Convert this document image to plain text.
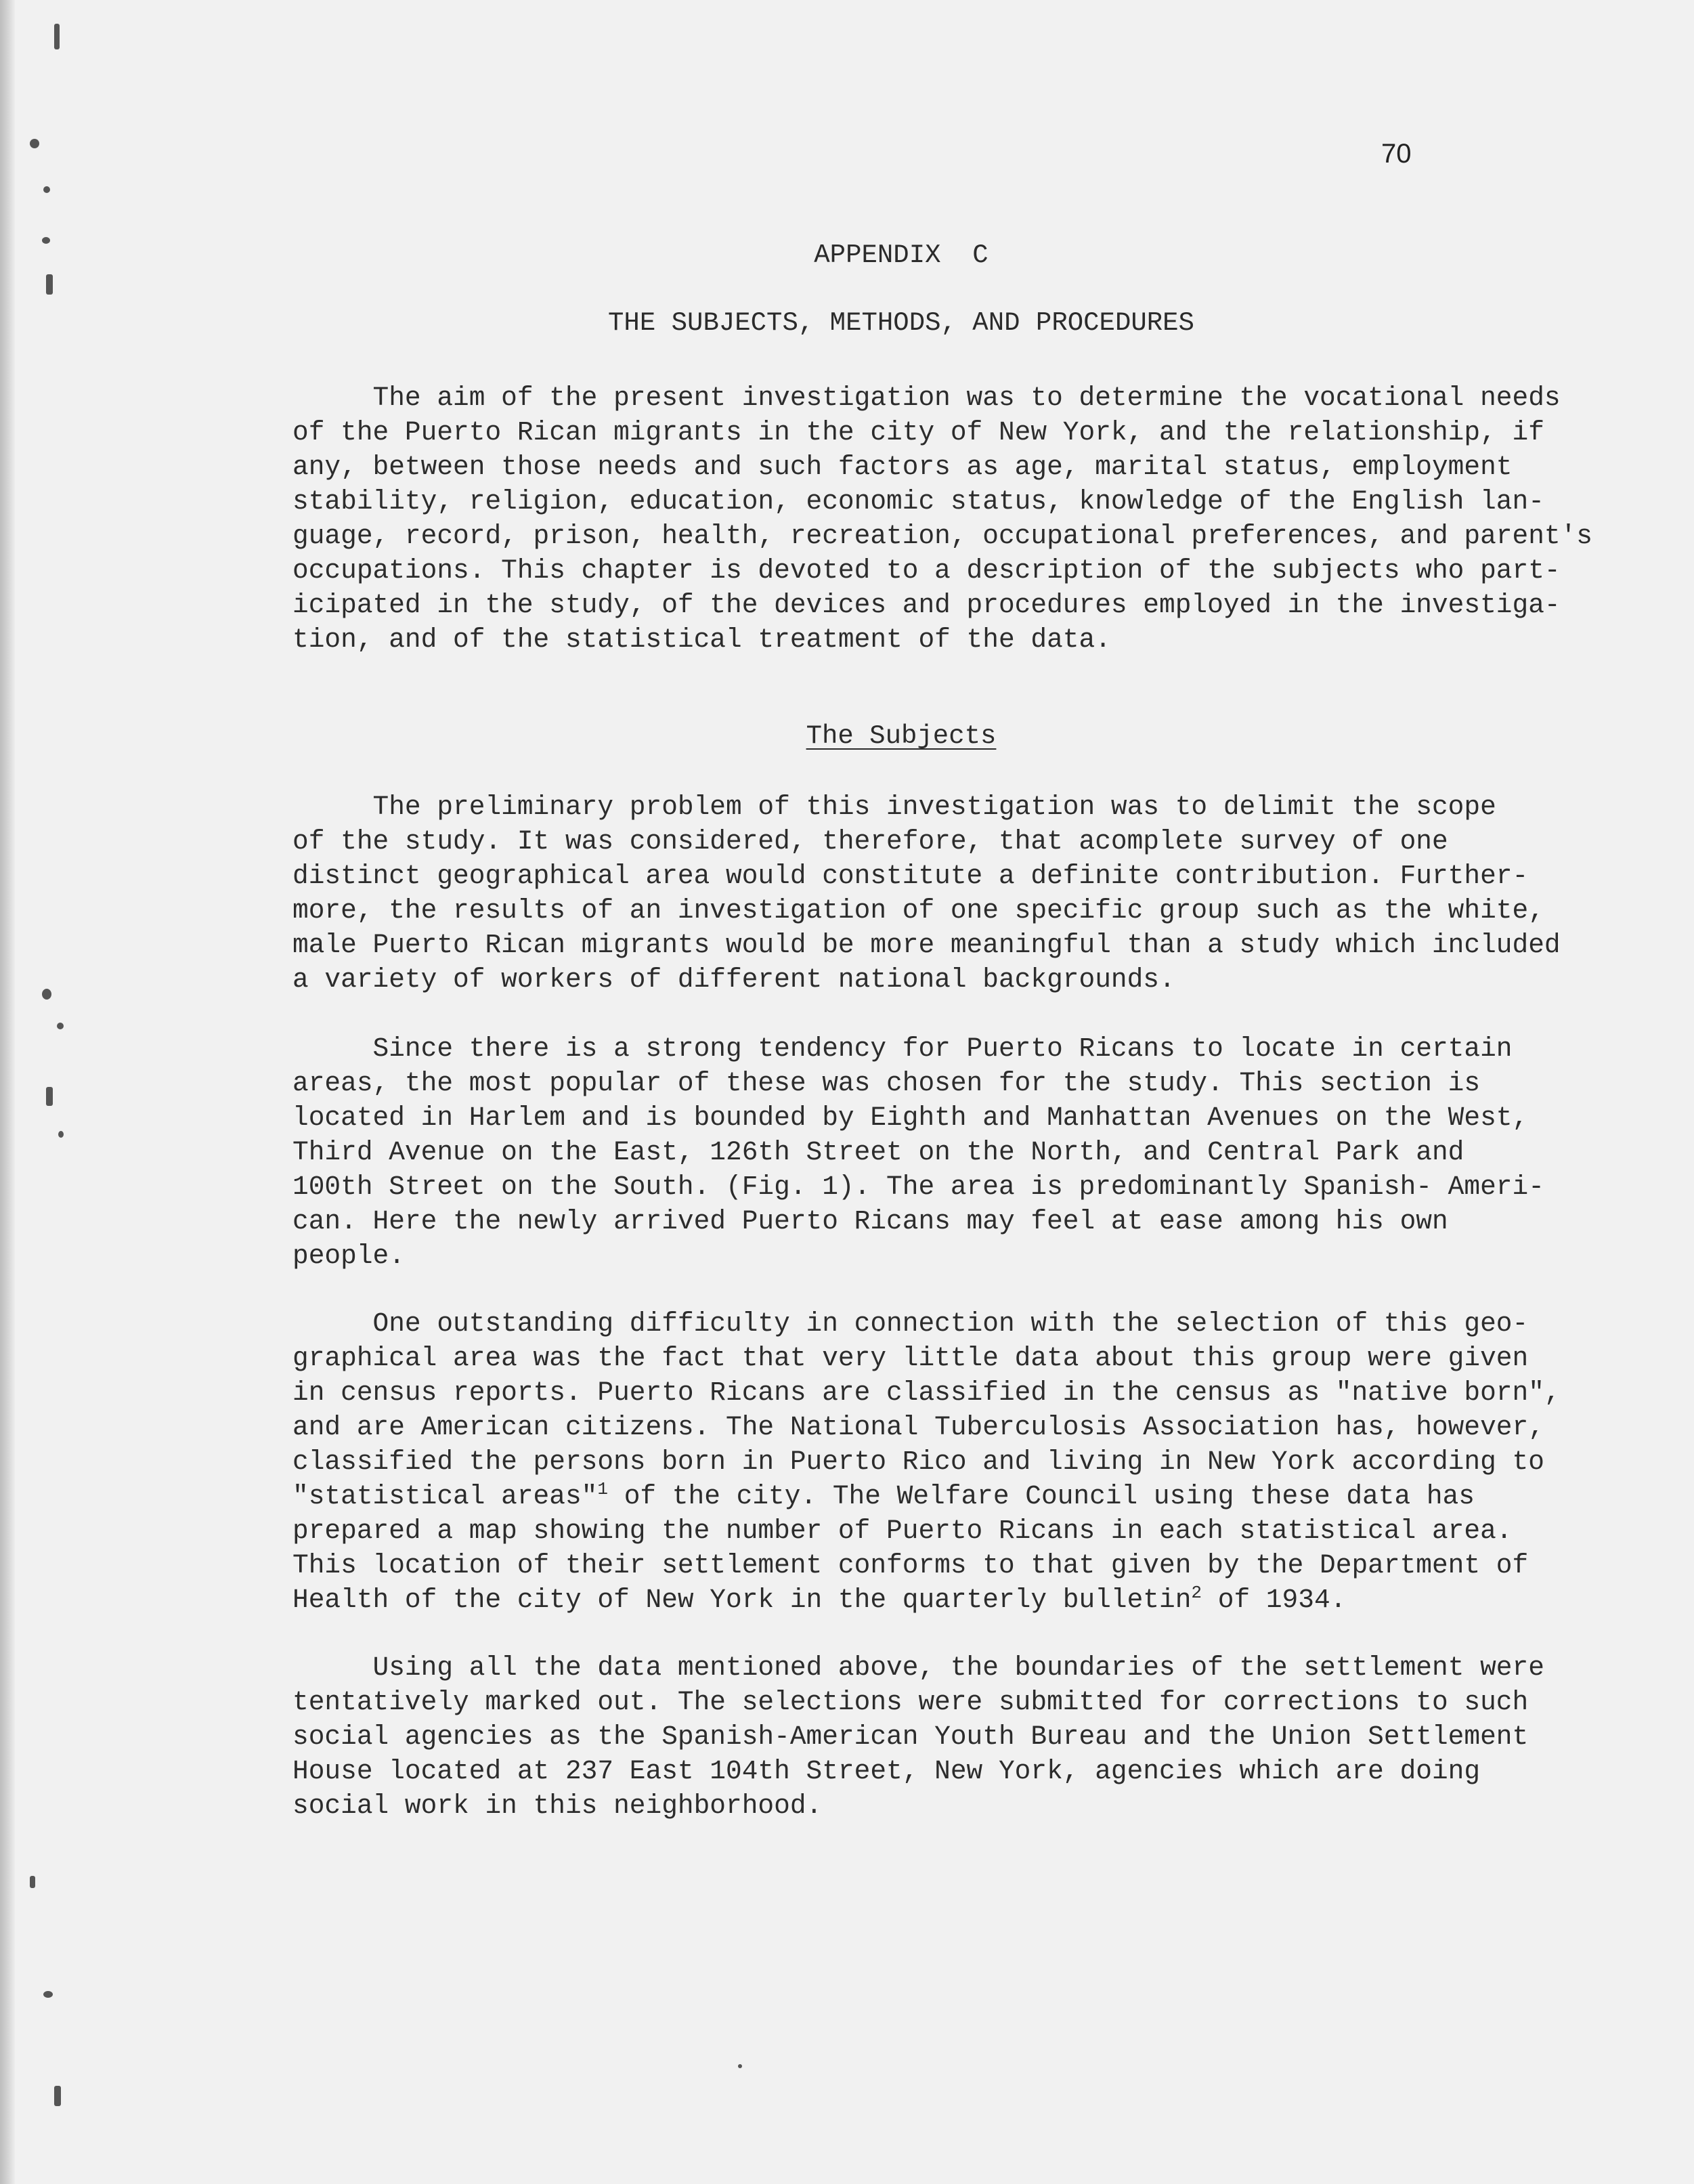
70
APPENDIX  C
THE SUBJECTS, METHODS, AND PROCEDURES
The aim of the present investigation was to determine the vocational needs
of the Puerto Rican migrants in the city of New York, and the relationship, if
any, between those needs and such factors as age, marital status, employment
stability, religion, education, economic status, knowledge of the English lan-
guage, record, prison, health, recreation, occupational preferences, and parent's
occupations. This chapter is devoted to a description of the subjects who part-
icipated in the study, of the devices and procedures employed in the investiga-
tion, and of the statistical treatment of the data.
The Subjects
The preliminary problem of this investigation was to delimit the scope
of the study. It was considered, therefore, that acomplete survey of one
distinct geographical area would constitute a definite contribution. Further-
more, the results of an investigation of one specific group such as the white,
male Puerto Rican migrants would be more meaningful than a study which included
a variety of workers of different national backgrounds.
Since there is a strong tendency for Puerto Ricans to locate in certain
areas, the most popular of these was chosen for the study. This section is
located in Harlem and is bounded by Eighth and Manhattan Avenues on the West,
Third Avenue on the East, 126th Street on the North, and Central Park and
100th Street on the South. (Fig. 1). The area is predominantly Spanish- Ameri-
can. Here the newly arrived Puerto Ricans may feel at ease among his own
people.
One outstanding difficulty in connection with the selection of this geo-
graphical area was the fact that very little data about this group were given
in census reports. Puerto Ricans are classified in the census as "native born",
and are American citizens. The National Tuberculosis Association has, however,
classified the persons born in Puerto Rico and living in New York according to
"statistical areas"$^1$ of the city. The Welfare Council using these data has
prepared a map showing the number of Puerto Ricans in each statistical area.
This location of their settlement conforms to that given by the Department of
Health of the city of New York in the quarterly bulletin$^2$ of 1934.
Using all the data mentioned above, the boundaries of the settlement were
tentatively marked out. The selections were submitted for corrections to such
social agencies as the Spanish-American Youth Bureau and the Union Settlement
House located at 237 East 104th Street, New York, agencies which are doing
social work in this neighborhood.
